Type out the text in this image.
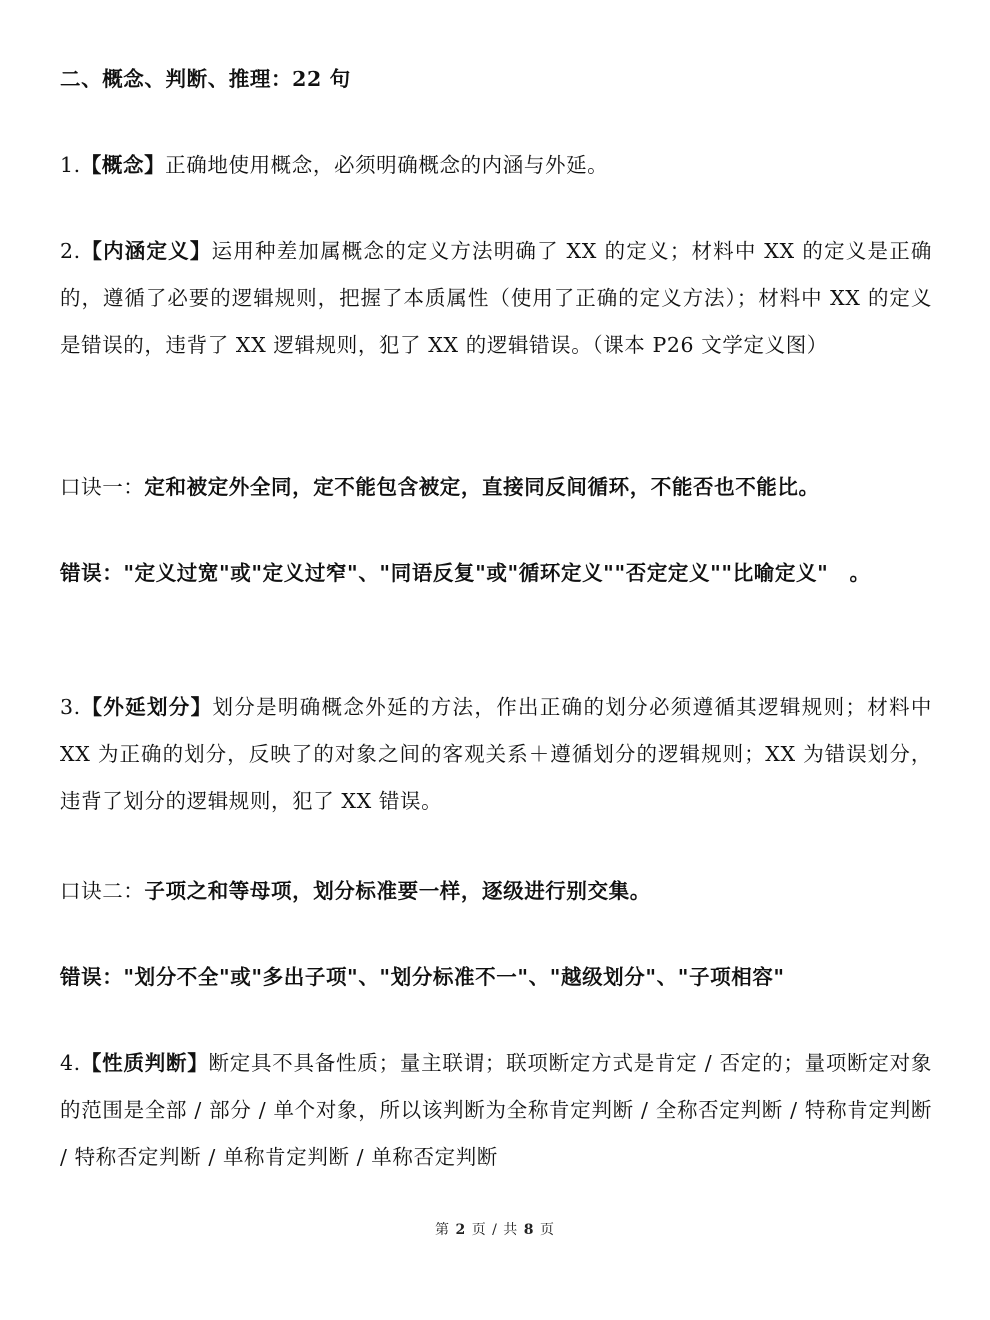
二、概念、判断、推理：22 句

1.【概念】正确地使用概念，必须明确概念的内涵与外延。

2.【内涵定义】运用种差加属概念的定义方法明确了 XX 的定义；材料中 XX 的定义是正确的，遵循了必要的逻辑规则，把握了本质属性（使用了正确的定义方法）；材料中 XX 的定义是错误的，违背了 XX 逻辑规则，犯了 XX 的逻辑错误。（课本 P26 文学定义图）

口诀一：定和被定外全同，定不能包含被定，直接同反间循环，不能否也不能比。

错误："定义过宽"或"定义过窄"、"同语反复"或"循环定义""否定定义""比喻定义"　。

3.【外延划分】划分是明确概念外延的方法，作出正确的划分必须遵循其逻辑规则；材料中 XX 为正确的划分，反映了的对象之间的客观关系＋遵循划分的逻辑规则；XX 为错误划分，违背了划分的逻辑规则，犯了 XX 错误。

口诀二：子项之和等母项，划分标准要一样，逐级进行别交集。

错误："划分不全"或"多出子项"、"划分标准不一"、"越级划分"、"子项相容"

4.【性质判断】断定具不具备性质；量主联谓；联项断定方式是肯定 / 否定的；量项断定对象的范围是全部 / 部分 / 单个对象，所以该判断为全称肯定判断 / 全称否定判断 / 特称肯定判断 / 特称否定判断 / 单称肯定判断 / 单称否定判断

第 2 页 / 共 8 页
